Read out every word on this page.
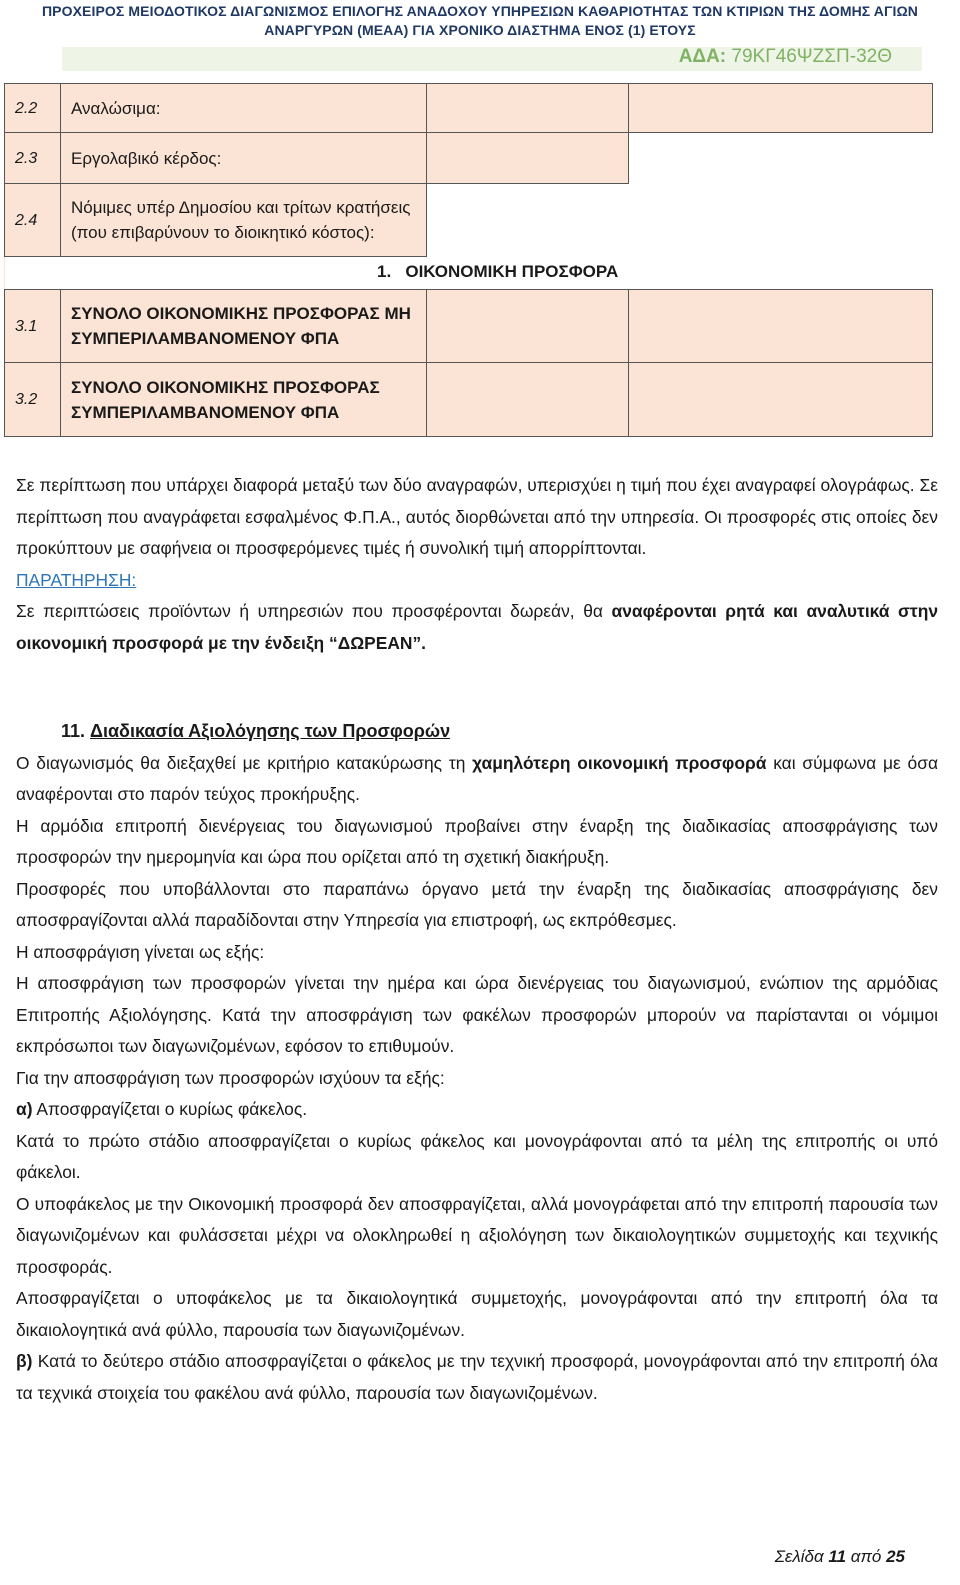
ΠΡΟΧΕΙΡΟΣ ΜΕΙΟΔΟΤΙΚΟΣ ΔΙΑΓΩΝΙΣΜΟΣ ΕΠΙΛΟΓΗΣ ΑΝΑΔΟΧΟΥ ΥΠΗΡΕΣΙΩΝ ΚΑΘΑΡΙΟΤΗΤΑΣ ΤΩΝ ΚΤΙΡΙΩΝ ΤΗΣ ΔΟΜΗΣ ΑΓΙΩΝ
ΑΝΑΡΓΥΡΩΝ (ΜΕΑΑ) ΓΙΑ ΧΡΟΝΙΚΟ ΔΙΑΣΤΗΜΑ ΕΝΟΣ (1) ΕΤΟΥΣ
ΑΔΑ: 79ΚΓ46ΨΖΣΠ-32Θ
2.2	Αναλώσιμα:		
2.3	Εργολαβικό κέρδος:		
2.4	Νόμιμες υπέρ Δημοσίου και τρίτων κρατήσεις (που επιβαρύνουν το διοικητικό κόστος):		

3.1	ΣΥΝΟΛΟ ΟΙΚΟΝΟΜΙΚΗΣ ΠΡΟΣΦΟΡΑΣ ΜΗ ΣΥΜΠΕΡΙΛΑΜΒΑΝΟΜΕΝΟΥ ΦΠΑ		
3.2	ΣΥΝΟΛΟ ΟΙΚΟΝΟΜΙΚΗΣ ΠΡΟΣΦΟΡΑΣ ΣΥΜΠΕΡΙΛΑΜΒΑΝΟΜΕΝΟΥ ΦΠΑ		
1.   ΟΙΚΟΝΟΜΙΚΗ ΠΡΟΣΦΟΡΑ

Σε περίπτωση που υπάρχει διαφορά μεταξύ των δύο αναγραφών, υπερισχύει η τιμή που έχει αναγραφεί ολογράφως. Σε περίπτωση που αναγράφεται εσφαλμένος Φ.Π.Α., αυτός διορθώνεται από την υπηρεσία. Οι προσφορές στις οποίες δεν προκύπτουν με σαφήνεια οι προσφερόμενες τιμές ή συνολική τιμή απορρίπτονται.

ΠΑΡΑΤΗΡΗΣΗ:

Σε περιπτώσεις προϊόντων ή υπηρεσιών που προσφέρονται δωρεάν, θα αναφέρονται ρητά και αναλυτικά στην οικονομική προσφορά με την ένδειξη “ΔΩΡΕΑΝ”.

11. Διαδικασία Αξιολόγησης των Προσφορών

Ο διαγωνισμός θα διεξαχθεί με κριτήριο κατακύρωσης τη χαμηλότερη οικονομική προσφορά και σύμφωνα με όσα αναφέρονται στο παρόν τεύχος προκήρυξης.

Η αρμόδια επιτροπή διενέργειας του διαγωνισμού προβαίνει στην έναρξη της διαδικασίας αποσφράγισης των προσφορών την ημερομηνία και ώρα που ορίζεται από τη σχετική διακήρυξη.

Προσφορές που υποβάλλονται στο παραπάνω όργανο μετά την έναρξη της διαδικασίας αποσφράγισης δεν αποσφραγίζονται αλλά παραδίδονται στην Υπηρεσία για επιστροφή, ως εκπρόθεσμες.

Η αποσφράγιση γίνεται ως εξής:

Η αποσφράγιση των προσφορών γίνεται την ημέρα και ώρα διενέργειας του διαγωνισμού, ενώπιον της αρμόδιας Επιτροπής Αξιολόγησης. Κατά την αποσφράγιση των φακέλων προσφορών μπορούν να παρίστανται οι νόμιμοι εκπρόσωποι των διαγωνιζομένων, εφόσον το επιθυμούν.

Για την αποσφράγιση των προσφορών ισχύουν τα εξής:

α) Αποσφραγίζεται ο κυρίως φάκελος.

Κατά το πρώτο στάδιο αποσφραγίζεται ο κυρίως φάκελος και μονογράφονται από τα μέλη της επιτροπής οι υπό φάκελοι.

Ο υποφάκελος με την Οικονομική προσφορά δεν αποσφραγίζεται, αλλά μονογράφεται από την επιτροπή παρουσία των διαγωνιζομένων και φυλάσσεται μέχρι να ολοκληρωθεί η αξιολόγηση των δικαιολογητικών συμμετοχής και τεχνικής προσφοράς.

Αποσφραγίζεται ο υποφάκελος με τα δικαιολογητικά συμμετοχής, μονογράφονται από την επιτροπή όλα τα δικαιολογητικά ανά φύλλο, παρουσία των διαγωνιζομένων.

β) Κατά το δεύτερο στάδιο αποσφραγίζεται ο φάκελος με την τεχνική προσφορά, μονογράφονται από την επιτροπή όλα τα τεχνικά στοιχεία του φακέλου ανά φύλλο, παρουσία των διαγωνιζομένων.

Σελίδα 11 από 25
